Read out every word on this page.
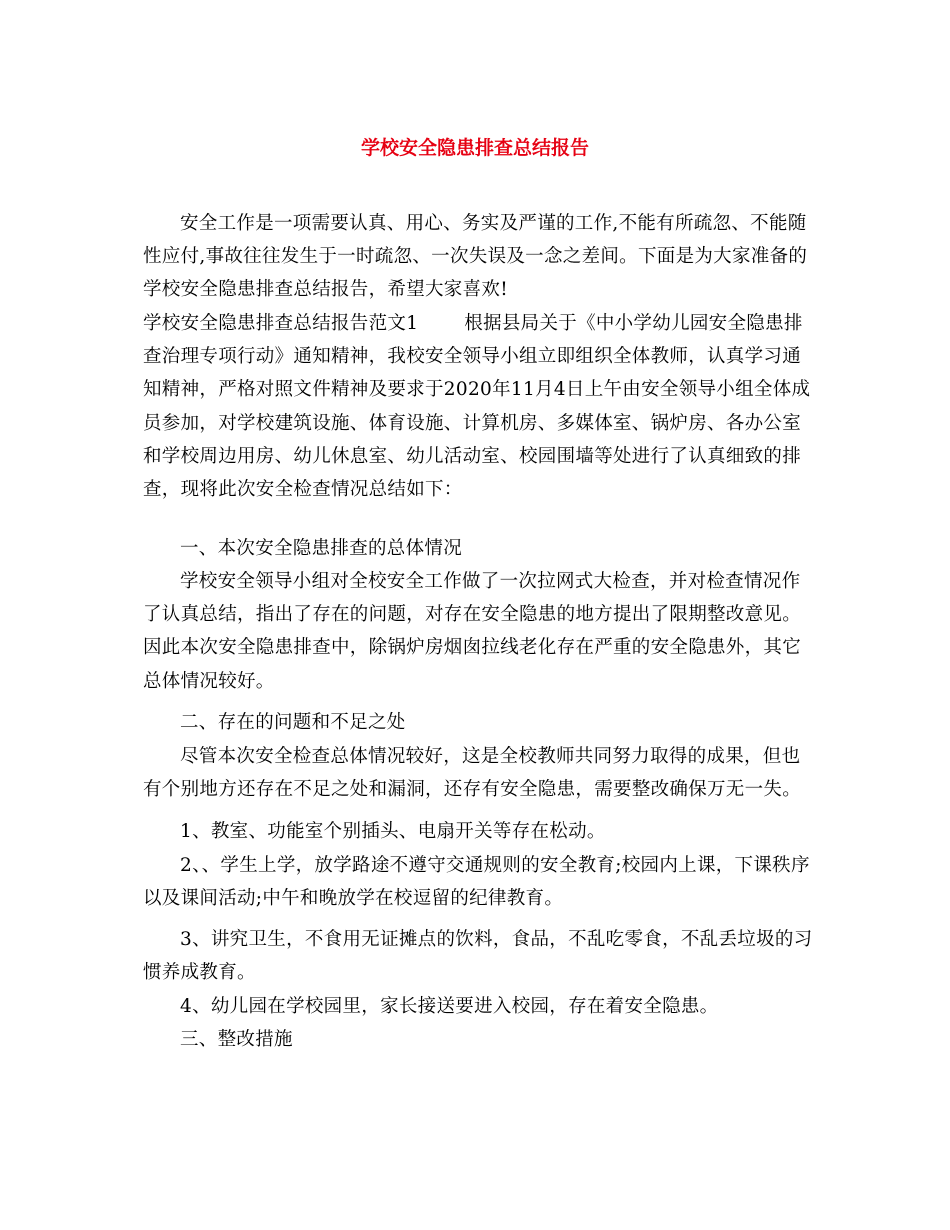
学校安全隐患排查总结报告
安全工作是一项需要认真、用心、务实及严谨的工作,不能有所疏忽、不能随性应付,事故往往发生于一时疏忽、一次失误及一念之差间。下面是为大家准备的学校安全隐患排查总结报告，希望大家喜欢!
学校安全隐患排查总结报告范文1 根据县局关于《中小学幼儿园安全隐患排查治理专项行动》通知精神，我校安全领导小组立即组织全体教师，认真学习通知精神，严格对照文件精神及要求于2020年11月4日上午由安全领导小组全体成员参加，对学校建筑设施、体育设施、计算机房、多媒体室、锅炉房、各办公室和学校周边用房、幼儿休息室、幼儿活动室、校园围墙等处进行了认真细致的排查，现将此次安全检查情况总结如下：
一、本次安全隐患排查的总体情况
学校安全领导小组对全校安全工作做了一次拉网式大检查，并对检查情况作了认真总结，指出了存在的问题，对存在安全隐患的地方提出了限期整改意见。因此本次安全隐患排查中，除锅炉房烟囱拉线老化存在严重的安全隐患外，其它总体情况较好。
二、存在的问题和不足之处
尽管本次安全检查总体情况较好，这是全校教师共同努力取得的成果，但也有个别地方还存在不足之处和漏洞，还存有安全隐患，需要整改确保万无一失。
1、教室、功能室个别插头、电扇开关等存在松动。
2、、学生上学，放学路途不遵守交通规则的安全教育;校园内上课，下课秩序以及课间活动;中午和晚放学在校逗留的纪律教育。
3、讲究卫生，不食用无证摊点的饮料，食品，不乱吃零食，不乱丢垃圾的习惯养成教育。
4、幼儿园在学校园里，家长接送要进入校园，存在着安全隐患。
三、整改措施
